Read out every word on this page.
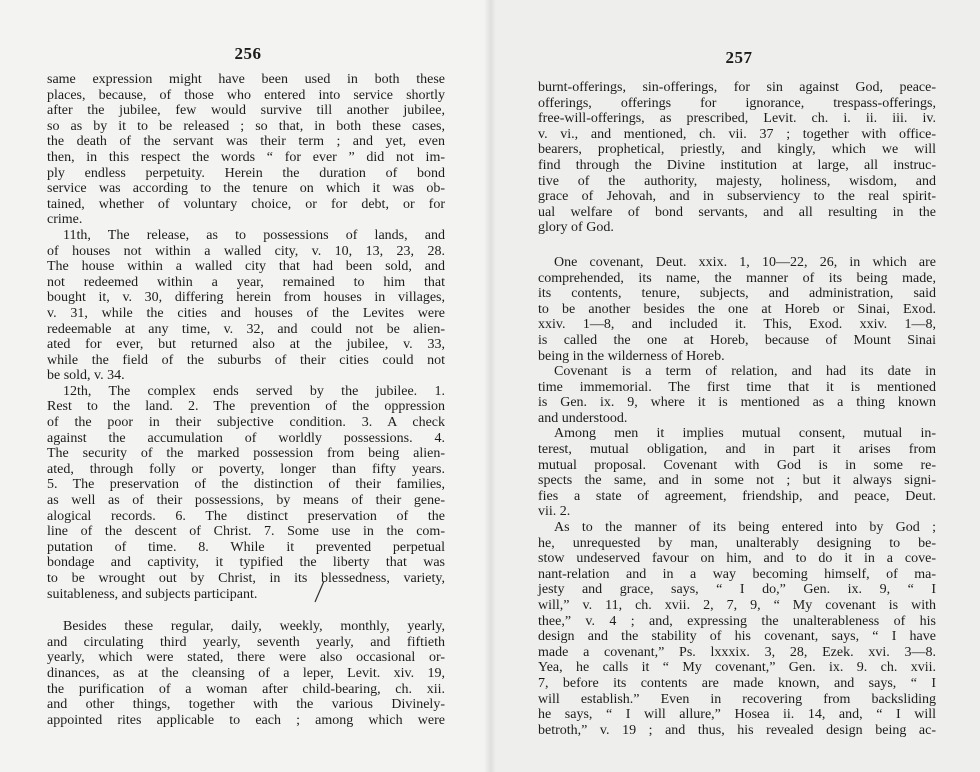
256
same expression might have been used in both these
places, because, of those who entered into service shortly
after the jubilee, few would survive till another jubilee,
so as by it to be released ; so that, in both these cases,
the death of the servant was their term ; and yet, even
then, in this respect the words “ for ever ” did not im-
ply endless perpetuity. Herein the duration of bond
service was according to the tenure on which it was ob-
tained, whether of voluntary choice, or for debt, or for
crime.
11th, The release, as to possessions of lands, and
of houses not within a walled city, v. 10, 13, 23, 28.
The house within a walled city that had been sold, and
not redeemed within a year, remained to him that
bought it, v. 30, differing herein from houses in villages,
v. 31, while the cities and houses of the Levites were
redeemable at any time, v. 32, and could not be alien-
ated for ever, but returned also at the jubilee, v. 33,
while the field of the suburbs of their cities could not
be sold, v. 34.
12th, The complex ends served by the jubilee. 1.
Rest to the land. 2. The prevention of the oppression
of the poor in their subjective condition. 3. A check
against the accumulation of worldly possessions. 4.
The security of the marked possession from being alien-
ated, through folly or poverty, longer than fifty years.
5. The preservation of the distinction of their families,
as well as of their possessions, by means of their gene-
alogical records. 6. The distinct preservation of the
line of the descent of Christ. 7. Some use in the com-
putation of time. 8. While it prevented perpetual
bondage and captivity, it typified the liberty that was
to be wrought out by Christ, in its blessedness, variety,
suitableness, and subjects participant.
Besides these regular, daily, weekly, monthly, yearly,
and circulating third yearly, seventh yearly, and fiftieth
yearly, which were stated, there were also occasional or-
dinances, as at the cleansing of a leper, Levit. xiv. 19,
the purification of a woman after child-bearing, ch. xii.
and other things, together with the various Divinely-
appointed rites applicable to each ; among which were
257
burnt-offerings, sin-offerings, for sin against God, peace-
offerings, offerings for ignorance, trespass-offerings,
free-will-offerings, as prescribed, Levit. ch. i. ii. iii. iv.
v. vi., and mentioned, ch. vii. 37 ; together with office-
bearers, prophetical, priestly, and kingly, which we will
find through the Divine institution at large, all instruc-
tive of the authority, majesty, holiness, wisdom, and
grace of Jehovah, and in subserviency to the real spirit-
ual welfare of bond servants, and all resulting in the
glory of God.
One covenant, Deut. xxix. 1, 10—22, 26, in which are
comprehended, its name, the manner of its being made,
its contents, tenure, subjects, and administration, said
to be another besides the one at Horeb or Sinai, Exod.
xxiv. 1—8, and included it. This, Exod. xxiv. 1—8,
is called the one at Horeb, because of Mount Sinai
being in the wilderness of Horeb.
Covenant is a term of relation, and had its date in
time immemorial. The first time that it is mentioned
is Gen. ix. 9, where it is mentioned as a thing known
and understood.
Among men it implies mutual consent, mutual in-
terest, mutual obligation, and in part it arises from
mutual proposal. Covenant with God is in some re-
spects the same, and in some not ; but it always signi-
fies a state of agreement, friendship, and peace, Deut.
vii. 2.
As to the manner of its being entered into by God ;
he, unrequested by man, unalterably designing to be-
stow undeserved favour on him, and to do it in a cove-
nant-relation and in a way becoming himself, of ma-
jesty and grace, says, “ I do,” Gen. ix. 9, “ I
will,” v. 11, ch. xvii. 2, 7, 9, “ My covenant is with
thee,” v. 4 ; and, expressing the unalterableness of his
design and the stability of his covenant, says, “ I have
made a covenant,” Ps. lxxxix. 3, 28, Ezek. xvi. 3—8.
Yea, he calls it “ My covenant,” Gen. ix. 9. ch. xvii.
7, before its contents are made known, and says, “ I
will establish.” Even in recovering from backsliding
he says, “ I will allure,” Hosea ii. 14, and, “ I will
betroth,” v. 19 ; and thus, his revealed design being ac-
